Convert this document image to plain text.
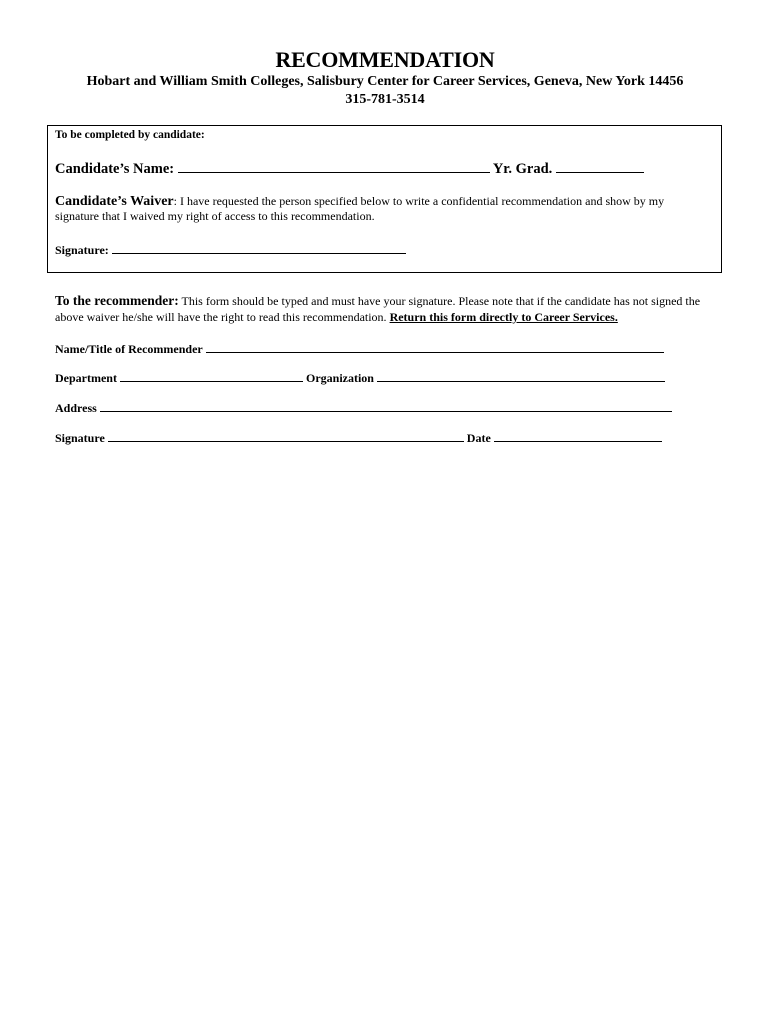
RECOMMENDATION
Hobart and William Smith Colleges, Salisbury Center for Career Services, Geneva, New York 14456
315-781-3514
To be completed by candidate:
Candidate’s Name:	Yr. Grad.
Candidate’s Waiver: I have requested the person specified below to write a confidential recommendation and show by my signature that I waived my right of access to this recommendation.
Signature:
To the recommender: This form should be typed and must have your signature. Please note that if the candidate has not signed the above waiver he/she will have the right to read this recommendation. Return this form directly to Career Services.
Name/Title of Recommender
Department	Organization
Address
Signature	Date
